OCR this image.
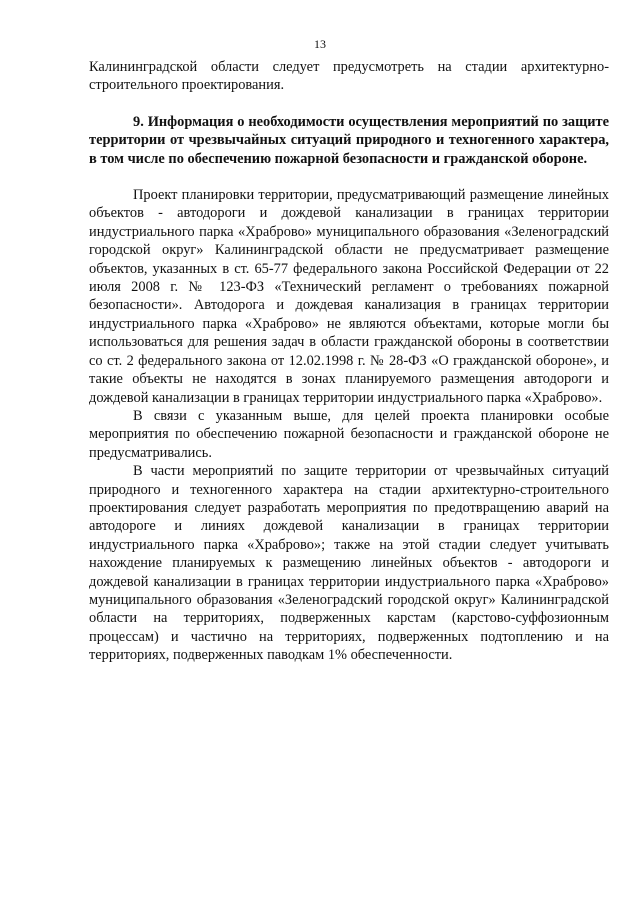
13

Калининградской области следует предусмотреть на стадии архитектурно-строительного проектирования.

9. Информация о необходимости осуществления мероприятий по защите территории от чрезвычайных ситуаций природного и техногенного характера, в том числе по обеспечению пожарной безопасности и гражданской обороне.

Проект планировки территории, предусматривающий размещение линейных объектов - автодороги и дождевой канализации в границах территории индустриального парка «Храброво» муниципального образования «Зеленоградский городской округ» Калининградской области не предусматривает размещение объектов, указанных в ст. 65-77 федерального закона Российской Федерации от 22 июля 2008 г. № 123-ФЗ «Технический регламент о требованиях пожарной безопасности». Автодорога и дождевая канализация в границах территории индустриального парка «Храброво» не являются объектами, которые могли бы использоваться для решения задач в области гражданской обороны в соответствии со ст. 2 федерального закона от 12.02.1998 г. № 28-ФЗ «О гражданской обороне», и такие объекты не находятся в зонах планируемого размещения автодороги и дождевой канализации в границах территории индустриального парка «Храброво».

В связи с указанным выше, для целей проекта планировки особые мероприятия по обеспечению пожарной безопасности и гражданской обороне не предусматривались.

В части мероприятий по защите территории от чрезвычайных ситуаций природного и техногенного характера на стадии архитектурно-строительного проектирования следует разработать мероприятия по предотвращению аварий на автодороге и линиях дождевой канализации в границах территории индустриального парка «Храброво»; также на этой стадии следует учитывать нахождение планируемых к размещению линейных объектов - автодороги и дождевой канализации в границах территории индустриального парка «Храброво» муниципального образования «Зеленоградский городской округ» Калининградской области на территориях, подверженных карстам (карстово-суффозионным процессам) и частично на территориях, подверженных подтоплению и на территориях, подверженных паводкам 1% обеспеченности.
